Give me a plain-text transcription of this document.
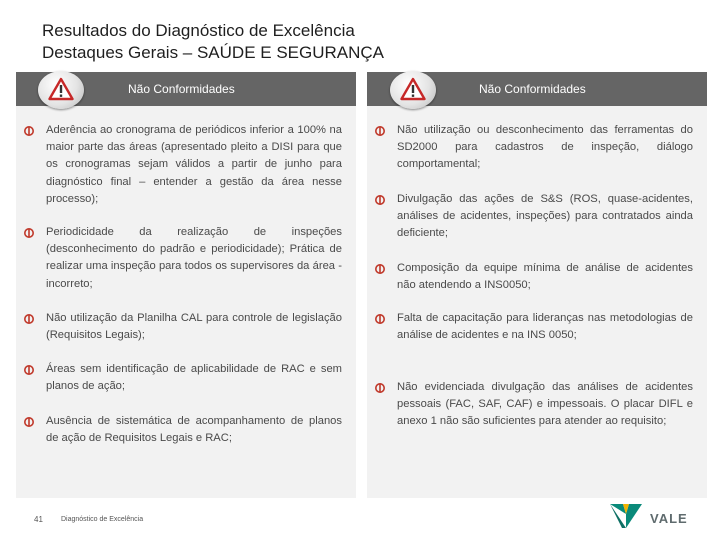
Resultados do Diagnóstico de Excelência
Destaques Gerais – SAÚDE E SEGURANÇA
Não Conformidades
Aderência ao cronograma de periódicos inferior a 100% na maior parte das áreas (apresentado pleito a DISI para que os cronogramas sejam válidos a partir de junho para diagnóstico final – entender a gestão da área nesse processo);
Periodicidade da realização de inspeções (desconhecimento do padrão e periodicidade); Prática de realizar uma inspeção para todos os supervisores da área - incorreto;
Não utilização da Planilha CAL para controle de legislação (Requisitos Legais);
Áreas sem identificação de aplicabilidade de RAC e sem planos de ação;
Ausência de sistemática de acompanhamento de planos de ação de Requisitos Legais e RAC;
Não Conformidades
Não utilização ou desconhecimento das ferramentas do SD2000 para cadastros de inspeção, diálogo comportamental;
Divulgação das ações de S&S (ROS, quase-acidentes, análises de acidentes, inspeções) para contratados ainda deficiente;
Composição da equipe mínima de análise de acidentes não atendendo a INS0050;
Falta de capacitação para lideranças nas metodologias de análise de acidentes e na INS 0050;
Não evidenciada divulgação das análises de acidentes pessoais (FAC, SAF, CAF) e impessoais. O placar DIFL e anexo 1 não são suficientes para atender ao requisito;
41	Diagnóstico de Excelência	VALE
